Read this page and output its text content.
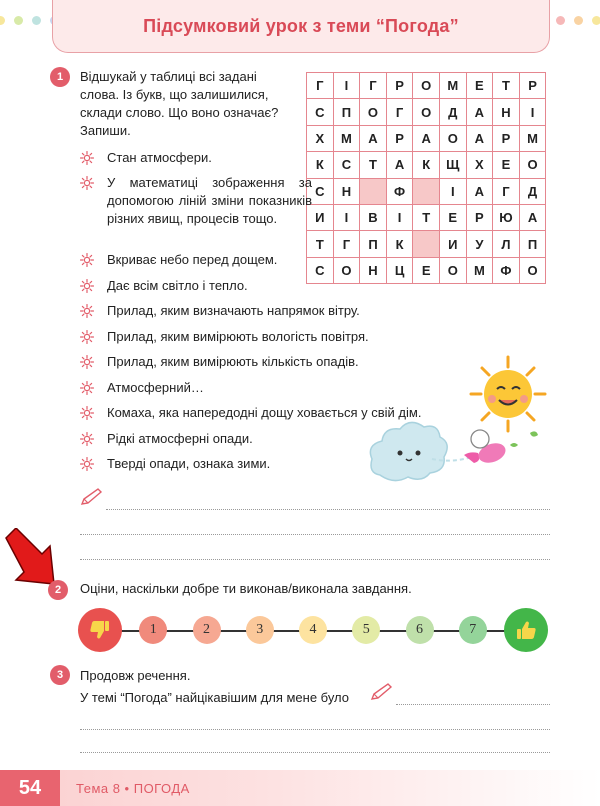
Підсумковий урок з теми “Погода”
1	Відшукай у таблиці всі задані
слова. Із букв, що залишилися,
склади слово. Що воно означає?
Запиши.
Г	І	Г	Р	О	М	Е	Т	Р
С	П	О	Г	О	Д	А	Н	І
Х	М	А	Р	А	О	А	Р	М
К	С	Т	А	К	Щ	Х	Е	О
С	Н		Ф		І	А	Г	Д
И	І	В	І	Т	Е	Р	Ю	А
Т	Г	П	К		И	У	Л	П
С	О	Н	Ц	Е	О	М	Ф	О
Стан атмосфери.
У математиці зображення за допомогою ліній зміни показників різних явищ, процесів тощо.
Вкриває небо перед дощем.
Дає всім світло і тепло.
Прилад, яким визначають напрямок вітру.
Прилад, яким вимірюють вологість повітря.
Прилад, яким вимірюють кількість опадів.
Атмосферний…
Комаха, яка напередодні дощу ховається у свій дім.
Рідкі атмосферні опади.
Тверді опади, ознака зими.
2	Оціни, наскільки добре ти виконав/виконала завдання.
1	2	3	4	5	6	7
3	Продовж речення.
У темі “Погода” найцікавішим для мене було
54	Тема 8 • ПОГОДА
